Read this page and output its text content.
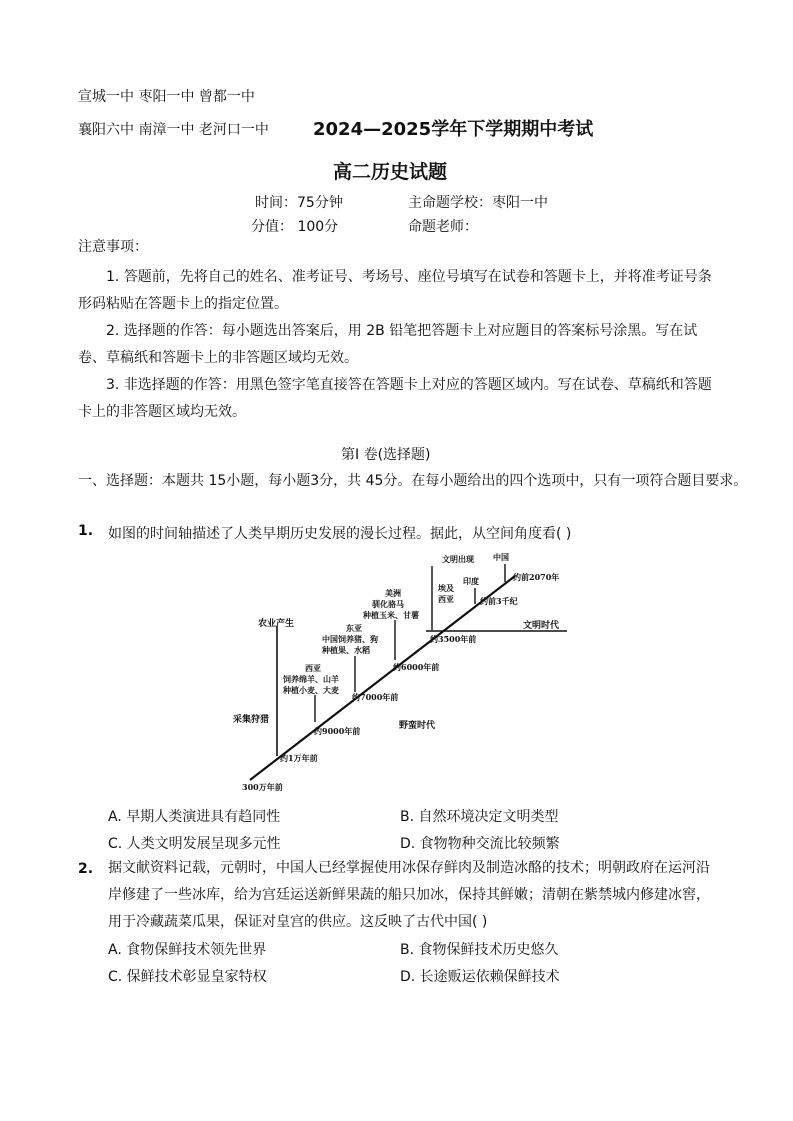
宣城一中 枣阳一中 曾都一中
襄阳六中 南漳一中 老河口一中 2024—2025学年下学期期中考试
高二历史试题
时间：75分钟	主命题学校：枣阳一中
分值： 100分	命题老师：
注意事项：
1. 答题前，先将自己的姓名、准考证号、考场号、座位号填写在试卷和答题卡上，并将准考证号条形码粘贴在答题卡上的指定位置。
2. 选择题的作答：每小题选出答案后，用 2B 铅笔把答题卡上对应题目的答案标号涂黑。写在试卷、草稿纸和答题卡上的非答题区域均无效。
3. 非选择题的作答：用黑色签字笔直接答在答题卡上对应的答题区域内。写在试卷、草稿纸和答题卡上的非答题区域均无效。
第Ⅰ 卷(选择题)
一、选择题：本题共 15小题，每小题3分，共 45分。在每小题给出的四个选项中，只有一项符合题目要求。
1. 如图的时间轴描述了人类早期历史发展的漫长过程。据此，从空间角度看( )
300万年前
农业产生
采集狩猎
约1万年前
约9000年前
约7000年前
约6000年前
约3500年前
约前3千纪
约前2070年
野蛮时代
文明时代
文明出现
西亚
饲养绵羊、山羊
种植小麦、大麦
东亚
中国饲养猪、狗
种植果、水稻
美洲
驯化骆马
种植玉米、甘薯
埃及
西亚
印度
中国
A. 早期人类演进具有趋同性	B. 自然环境决定文明类型
C. 人类文明发展呈现多元性	D. 食物物种交流比较频繁
2. 据文献资料记载，元朝时，中国人已经掌握使用冰保存鲜肉及制造冰酪的技术；明朝政府在运河沿岸修建了一些冰库，给为宫廷运送新鲜果蔬的船只加冰，保持其鲜嫩；清朝在紫禁城内修建冰窖，用于冷藏蔬菜瓜果，保证对皇宫的供应。这反映了古代中国( )
A. 食物保鲜技术领先世界	B. 食物保鲜技术历史悠久
C. 保鲜技术彰显皇家特权	D. 长途贩运依赖保鲜技术
